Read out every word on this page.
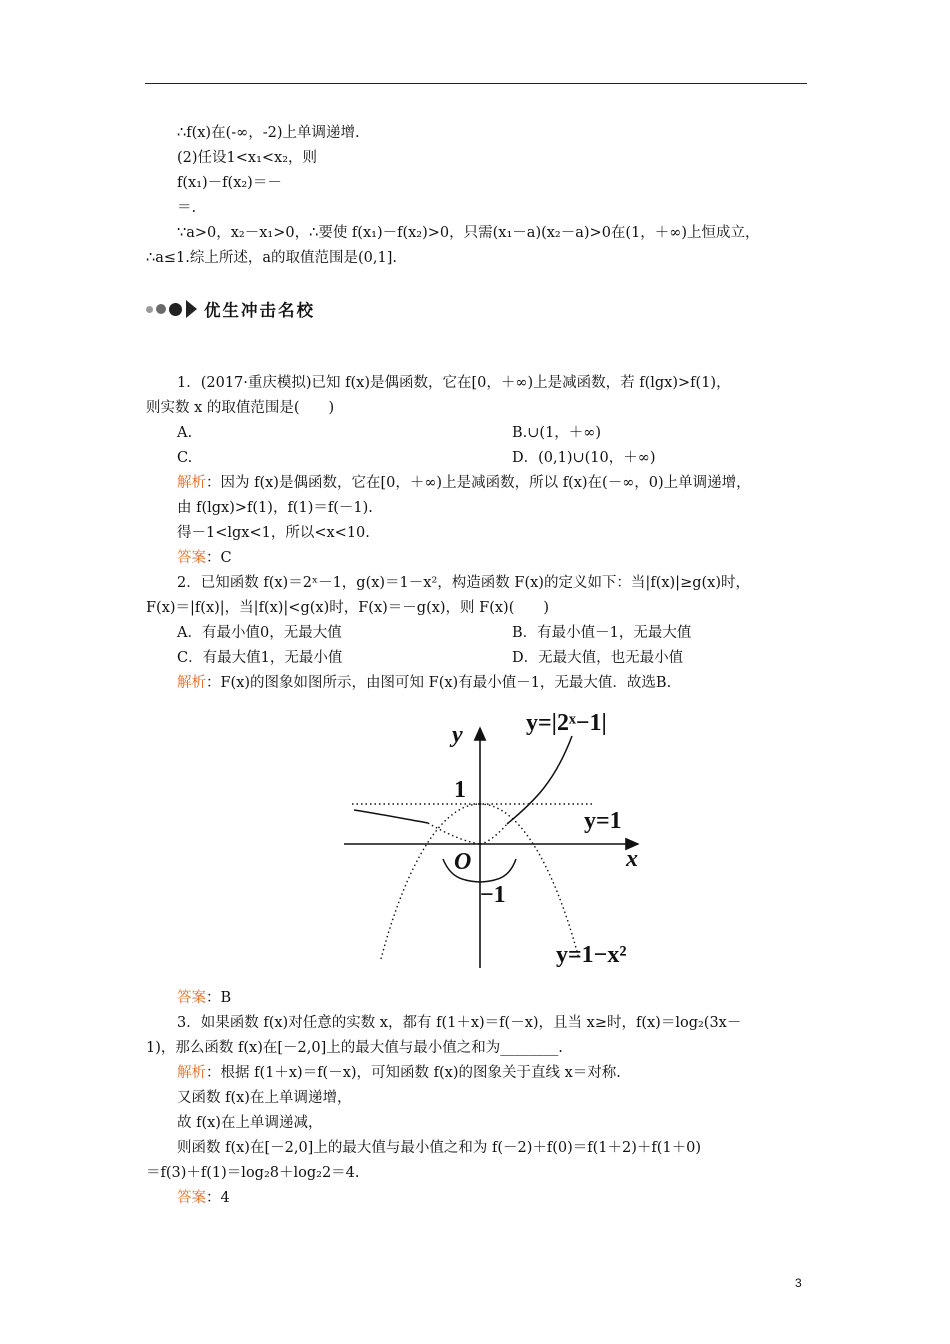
∴f(x)在(-∞，-2)上单调递增.
(2)任设1<x₁<x₂，则
f(x₁)－f(x₂)＝－
＝.
∵a>0，x₂－x₁>0，∴要使 f(x₁)－f(x₂)>0，只需(x₁－a)(x₂－a)>0在(1，＋∞)上恒成立，
∴a≤1.综上所述，a的取值范围是(0,1].
优生冲击名校
1．(2017·重庆模拟)已知 f(x)是偶函数，它在[0，＋∞)上是减函数，若 f(lgx)>f(1)，
则实数 x 的取值范围是(　　)
A.	B.∪(1，＋∞)
C.	D．(0,1)∪(10，＋∞)
解析：因为 f(x)是偶函数，它在[0，＋∞)上是减函数，所以 f(x)在(－∞，0)上单调递增，
由 f(lgx)>f(1)，f(1)＝f(－1).
得－1<lgx<1，所以<x<10.
答案：C
2．已知函数 f(x)＝2ˣ－1，g(x)＝1－x²，构造函数 F(x)的定义如下：当|f(x)|≥g(x)时，
F(x)＝|f(x)|，当|f(x)|<g(x)时，F(x)＝－g(x)，则 F(x)(　　)
A．有最小值0，无最大值	B．有最小值－1，无最大值
C．有最大值1，无最小值	D．无最大值，也无最小值
解析：F(x)的图象如图所示，由图可知 F(x)有最小值－1，无最大值．故选B.
y
x
O
1
−1
y=|2ˣ−1|
y=1
y=1−x²
答案：B
3．如果函数 f(x)对任意的实数 x，都有 f(1＋x)＝f(－x)，且当 x≥时，f(x)＝log₂(3x－
1)，那么函数 f(x)在[－2,0]上的最大值与最小值之和为________.
解析：根据 f(1＋x)＝f(－x)，可知函数 f(x)的图象关于直线 x＝对称.
又函数 f(x)在上单调递增，
故 f(x)在上单调递减，
则函数 f(x)在[－2,0]上的最大值与最小值之和为 f(－2)＋f(0)＝f(1＋2)＋f(1＋0)
＝f(3)＋f(1)＝log₂8＋log₂2＝4.
答案：4
3
